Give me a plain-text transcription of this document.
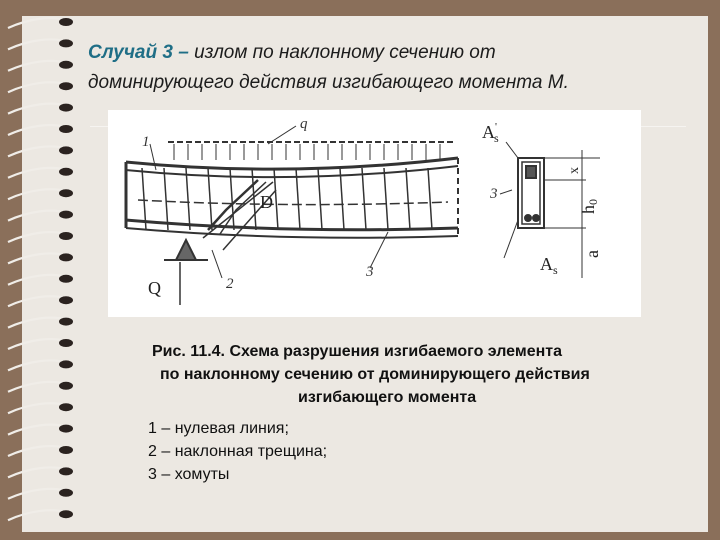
Случай 3 – излом по наклонному сечению от
доминирующего действия изгибающего момента М.

q
1
2
3
3
D
Q
A' s
$A_s$
x
h0
a

Рис. 11.4. Схема разрушения изгибаемого элемента
по наклонному сечению от доминирующего действия
изгибающего момента

1 – нулевая линия;
2 – наклонная трещина;
3 – хомуты
